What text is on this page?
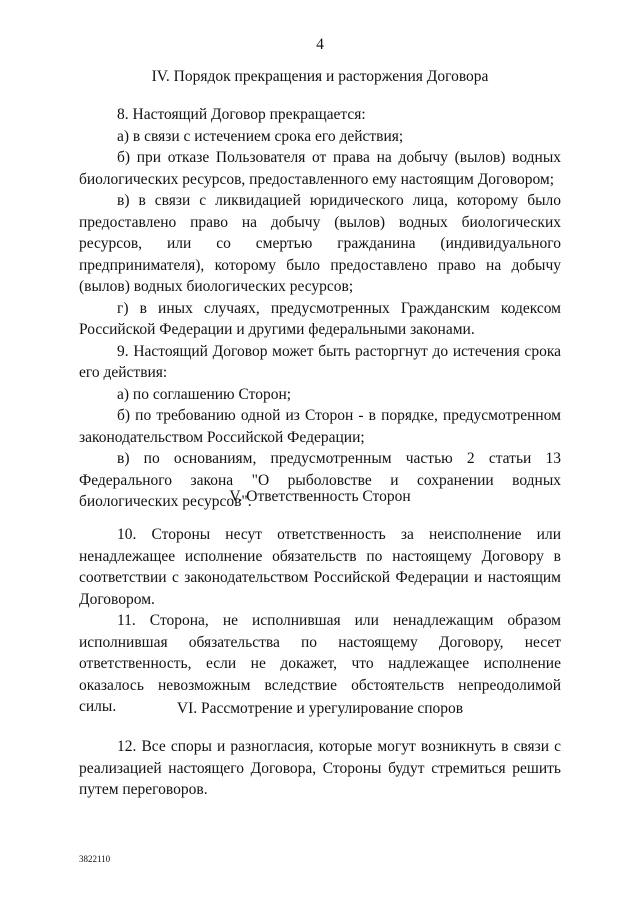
4
IV. Порядок прекращения и расторжения Договора

8. Настоящий Договор прекращается:

а) в связи с истечением срока его действия;

б) при отказе Пользователя от права на добычу (вылов) водных биологических ресурсов, предоставленного ему настоящим Договором;

в) в связи с ликвидацией юридического лица, которому было предоставлено право на добычу (вылов) водных биологических ресурсов, или со смертью гражданина (индивидуального предпринимателя), которому было предоставлено право на добычу (вылов) водных биологических ресурсов;

г) в иных случаях, предусмотренных Гражданским кодексом Российской Федерации и другими федеральными законами.

9. Настоящий Договор может быть расторгнут до истечения срока его действия:

а) по соглашению Сторон;

б) по требованию одной из Сторон - в порядке, предусмотренном законодательством Российской Федерации;

в) по основаниям, предусмотренным частью 2 статьи 13 Федерального закона "О рыболовстве и сохранении водных биологических ресурсов".

V. Ответственность Сторон

10. Стороны несут ответственность за неисполнение или ненадлежащее исполнение обязательств по настоящему Договору в соответствии с законодательством Российской Федерации и настоящим Договором.

11. Сторона, не исполнившая или ненадлежащим образом исполнившая обязательства по настоящему Договору, несет ответственность, если не докажет, что надлежащее исполнение оказалось невозможным вследствие обстоятельств непреодолимой силы.	VI. Рассмотрение и урегулирование споров

12. Все споры и разногласия, которые могут возникнуть в связи с реализацией настоящего Договора, Стороны будут стремиться решить путем переговоров.

3822110
